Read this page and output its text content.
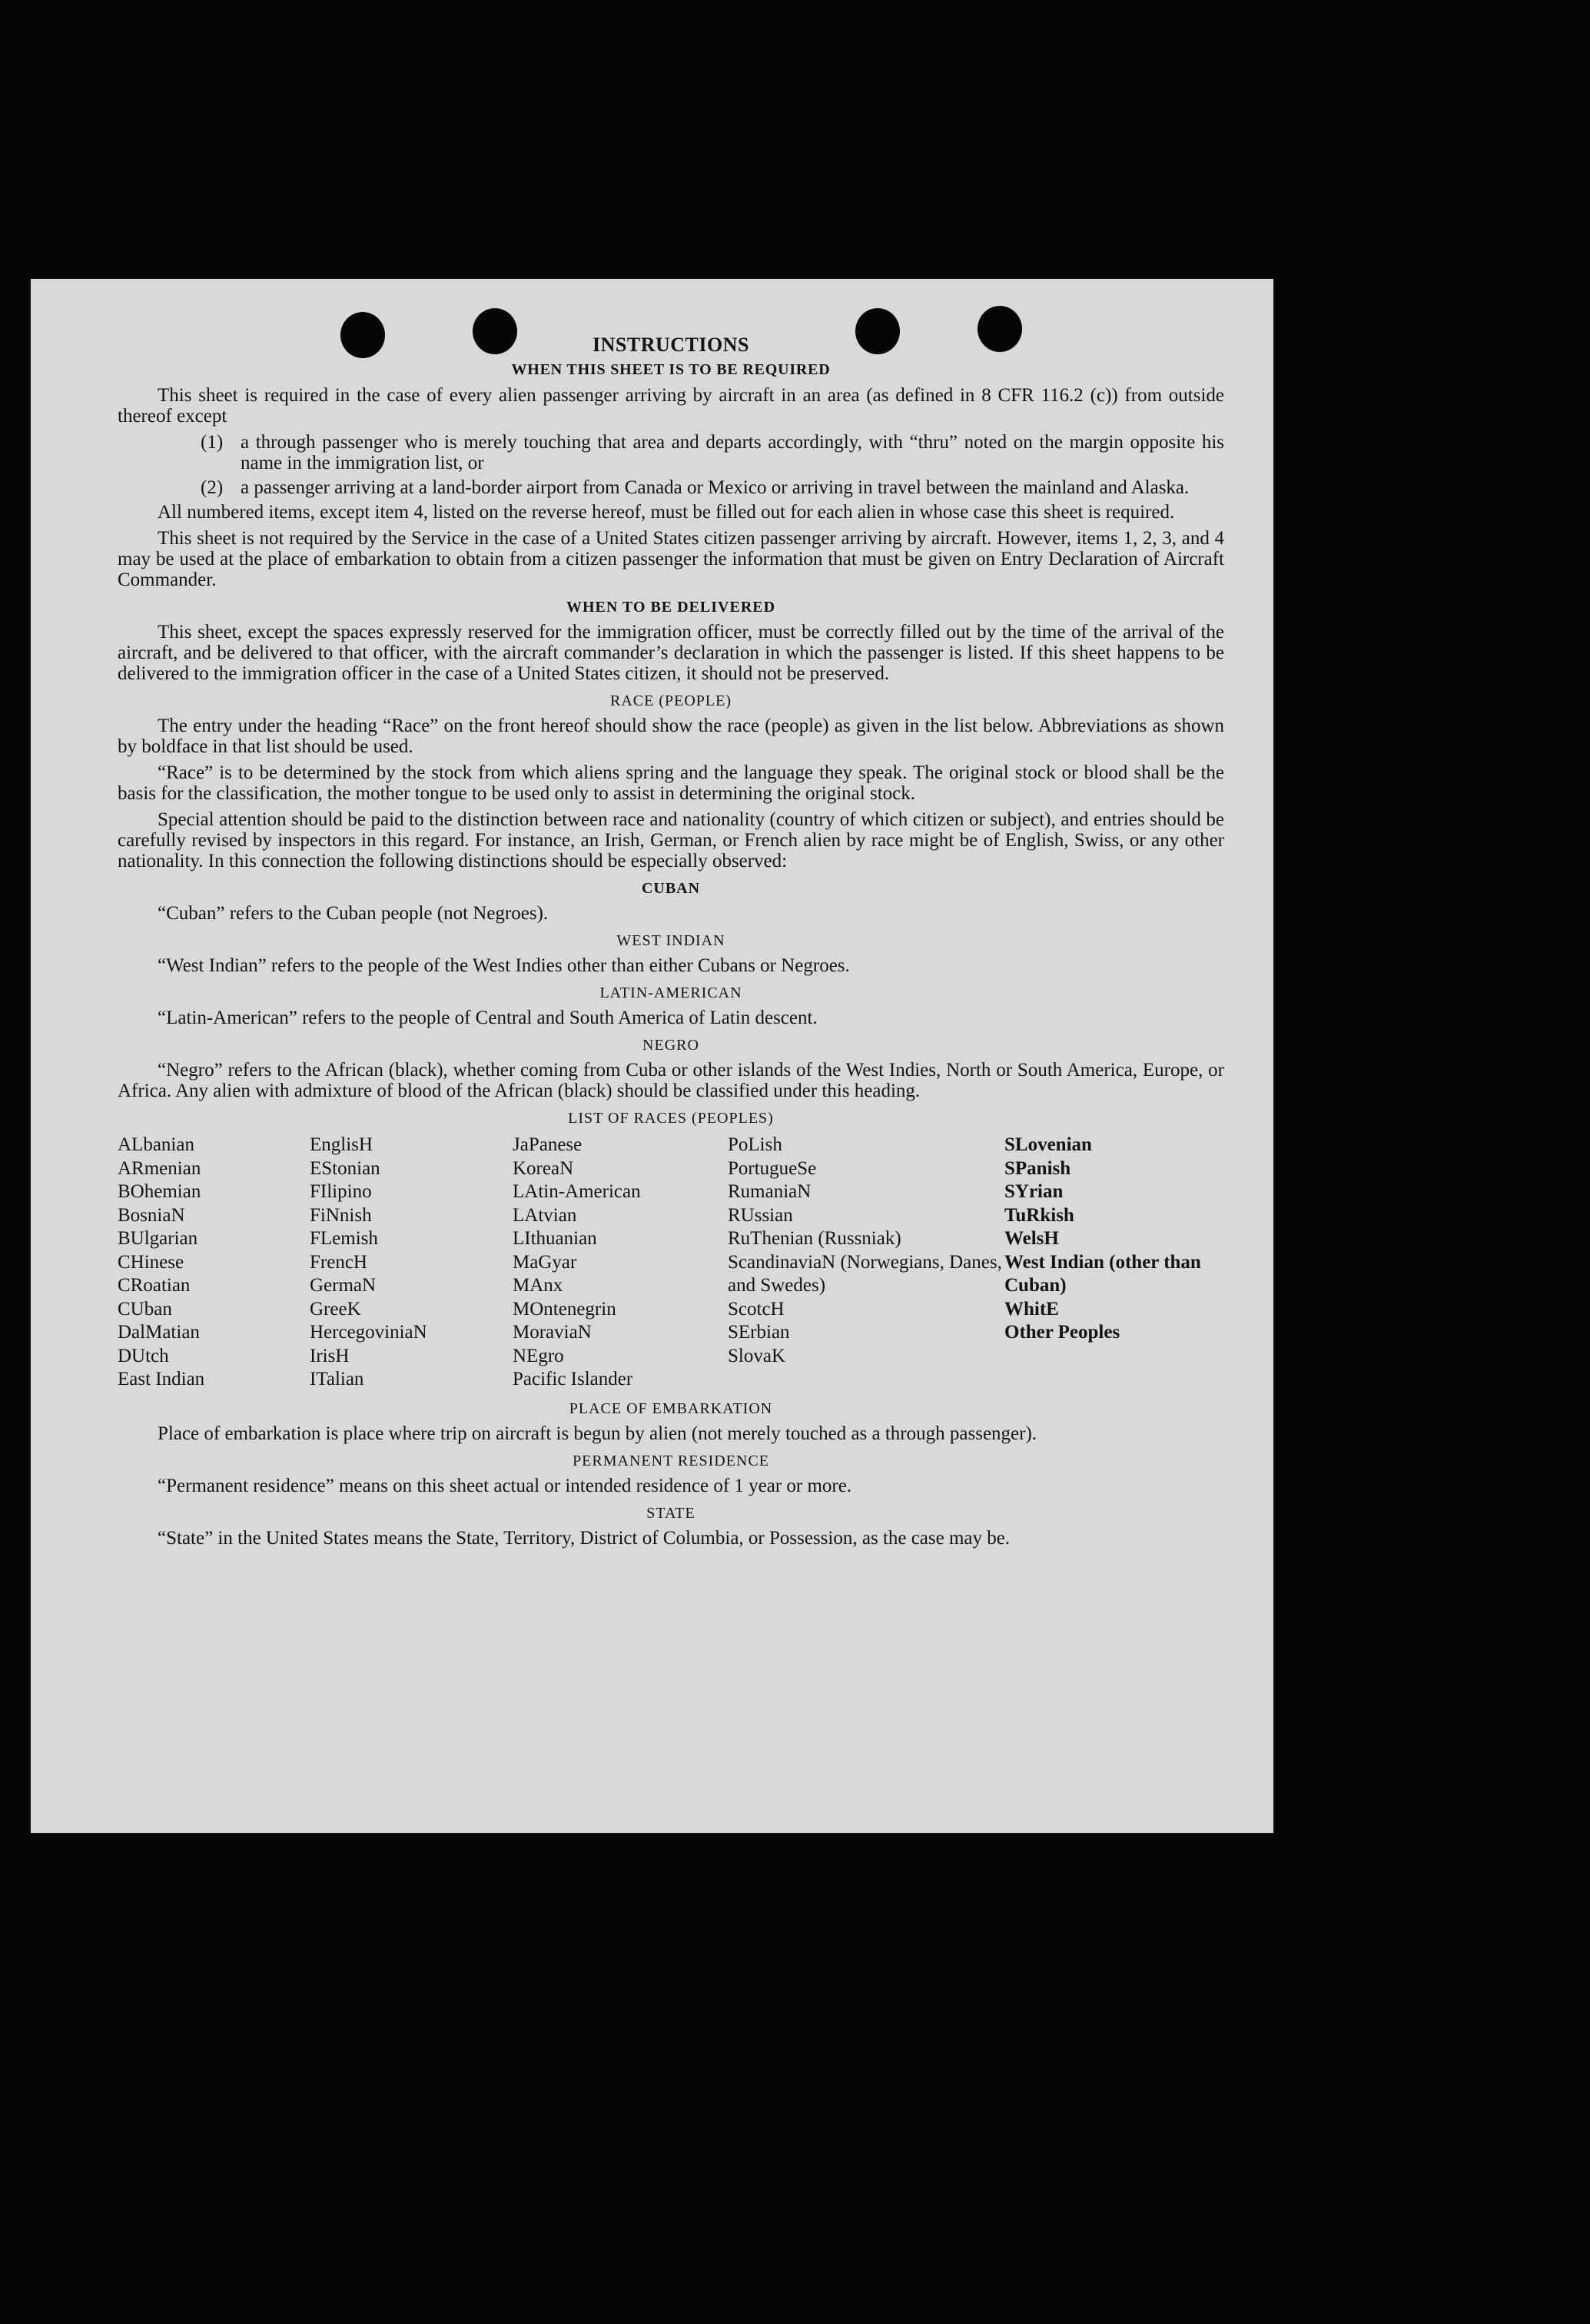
INSTRUCTIONS
WHEN THIS SHEET IS TO BE REQUIRED

This sheet is required in the case of every alien passenger arriving by aircraft in an area (as defined in 8 CFR 116.2 (c)) from outside thereof except

(1) a through passenger who is merely touching that area and departs accordingly, with “thru” noted on the margin opposite his name in the immigration list, or
(2) a passenger arriving at a land-border airport from Canada or Mexico or arriving in travel between the mainland and Alaska.

All numbered items, except item 4, listed on the reverse hereof, must be filled out for each alien in whose case this sheet is required.

This sheet is not required by the Service in the case of a United States citizen passenger arriving by aircraft. However, items 1, 2, 3, and 4 may be used at the place of embarkation to obtain from a citizen passenger the information that must be given on Entry Declaration of Aircraft Commander.

WHEN TO BE DELIVERED

This sheet, except the spaces expressly reserved for the immigration officer, must be correctly filled out by the time of the arrival of the aircraft, and be delivered to that officer, with the aircraft commander’s declaration in which the passenger is listed. If this sheet happens to be delivered to the immigration officer in the case of a United States citizen, it should not be preserved.

RACE (PEOPLE)

The entry under the heading “Race” on the front hereof should show the race (people) as given in the list below. Abbreviations as shown by boldface in that list should be used.

“Race” is to be determined by the stock from which aliens spring and the language they speak. The original stock or blood shall be the basis for the classification, the mother tongue to be used only to assist in determining the original stock.

Special attention should be paid to the distinction between race and nationality (country of which citizen or subject), and entries should be carefully revised by inspectors in this regard. For instance, an Irish, German, or French alien by race might be of English, Swiss, or any other nationality. In this connection the following distinctions should be especially observed:

CUBAN
“Cuban” refers to the Cuban people (not Negroes).
WEST INDIAN
“West Indian” refers to the people of the West Indies other than either Cubans or Negroes.
LATIN-AMERICAN
“Latin-American” refers to the people of Central and South America of Latin descent.
NEGRO

“Negro” refers to the African (black), whether coming from Cuba or other islands of the West Indies, North or South America, Europe, or Africa. Any alien with admixture of blood of the African (black) should be classified under this heading.

LIST OF RACES (PEOPLES)
ALbanian
ARmenian
BOhemian
BosniaN
BUlgarian
CHinese
CRoatian
CUban
DalMatian
DUtch
East Indian
EnglisH
EStonian
FIlipino
FiNnish
FLemish
FrencH
GermaN
GreeK
HercegoviniaN
IrisH
ITalian
JaPanese
KoreaN
LAtin-American
LAtvian
LIthuanian
MaGyar
MAnx
MOntenegrin
MoraviaN
NEgro
Pacific Islander
PoLish
PortugueSe
RumaniaN
RUssian
RuThenian (Russniak)
ScandinaviaN (Norwegians, Danes, and Swedes)
ScotcH
SErbian
SlovaK
SLovenian
SPanish
SYrian
TuRkish
WelsH
West Indian (other than Cuban)
WhitE
Other Peoples
PLACE OF EMBARKATION

Place of embarkation is place where trip on aircraft is begun by alien (not merely touched as a through passenger).

PERMANENT RESIDENCE
“Permanent residence” means on this sheet actual or intended residence of 1 year or more.
STATE

“State” in the United States means the State, Territory, District of Columbia, or Possession, as the case may be.
